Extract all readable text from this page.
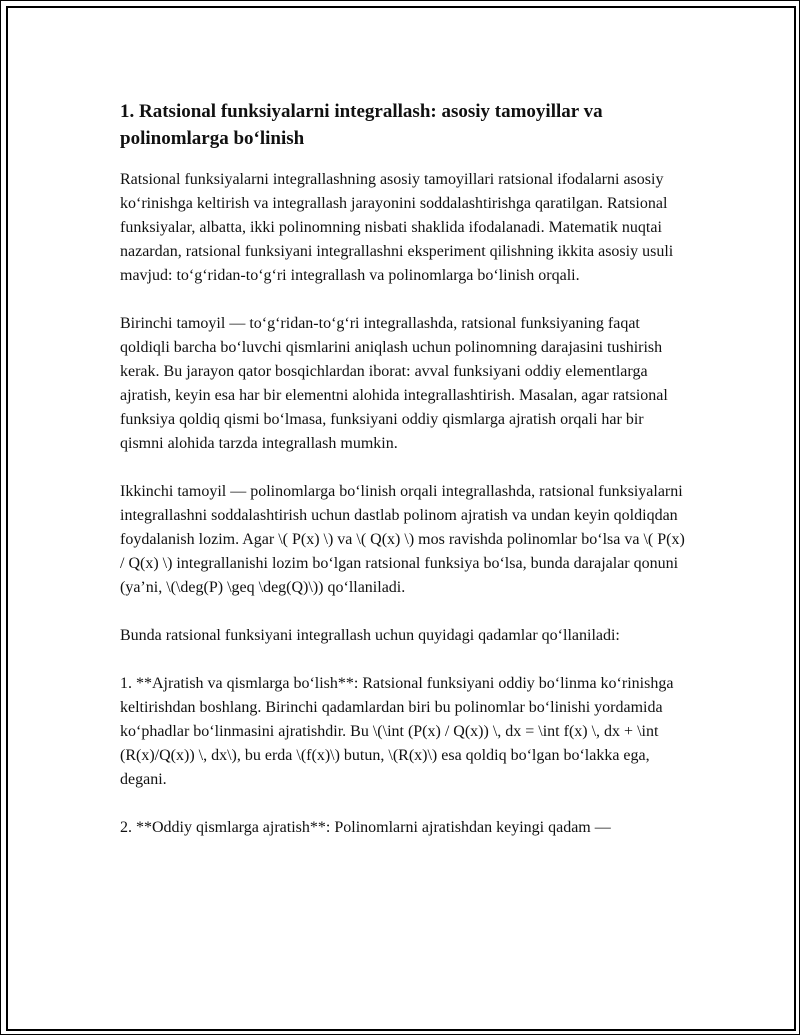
1. Ratsional funksiyalarni integrallash: asosiy tamoyillar va polinomlarga bo‘linish

Ratsional funksiyalarni integrallashning asosiy tamoyillari ratsional ifodalarni asosiy ko‘rinishga keltirish va integrallash jarayonini soddalashtirishga qaratilgan. Ratsional funksiyalar, albatta, ikki polinomning nisbati shaklida ifodalanadi. Matematik nuqtai nazardan, ratsional funksiyani integrallashni eksperiment qilishning ikkita asosiy usuli mavjud: to‘g‘ridan-to‘g‘ri integrallash va polinomlarga bo‘linish orqali.

Birinchi tamoyil — to‘g‘ridan-to‘g‘ri integrallashda, ratsional funksiyaning faqat qoldiqli barcha bo‘luvchi qismlarini aniqlash uchun polinomning darajasini tushirish kerak. Bu jarayon qator bosqichlardan iborat: avval funksiyani oddiy elementlarga ajratish, keyin esa har bir elementni alohida integrallashtirish. Masalan, agar ratsional funksiya qoldiq qismi bo‘lmasa, funksiyani oddiy qismlarga ajratish orqali har bir qismni alohida tarzda integrallash mumkin.

Ikkinchi tamoyil — polinomlarga bo‘linish orqali integrallashda, ratsional funksiyalarni integrallashni soddalashtirish uchun dastlab polinom ajratish va undan keyin qoldiqdan foydalanish lozim. Agar \( P(x) \) va \( Q(x) \) mos ravishda polinomlar bo‘lsa va \( P(x) / Q(x) \) integrallanishi lozim bo‘lgan ratsional funksiya bo‘lsa, bunda darajalar qonuni (ya’ni, \(\deg(P) \geq \deg(Q)\)) qo‘llaniladi.

Bunda ratsional funksiyani integrallash uchun quyidagi qadamlar qo‘llaniladi:

1. **Ajratish va qismlarga bo‘lish**: Ratsional funksiyani oddiy bo‘linma ko‘rinishga keltirishdan boshlang. Birinchi qadamlardan biri bu polinomlar bo‘linishi yordamida ko‘phadlar bo‘linmasini ajratishdir. Bu \(\int (P(x) / Q(x)) \, dx = \int f(x) \, dx + \int (R(x)/Q(x)) \, dx\), bu erda \(f(x)\) butun, \(R(x)\) esa qoldiq bo‘lgan bo‘lakka ega, degani.

2. **Oddiy qismlarga ajratish**: Polinomlarni ajratishdan keyingi qadam —
